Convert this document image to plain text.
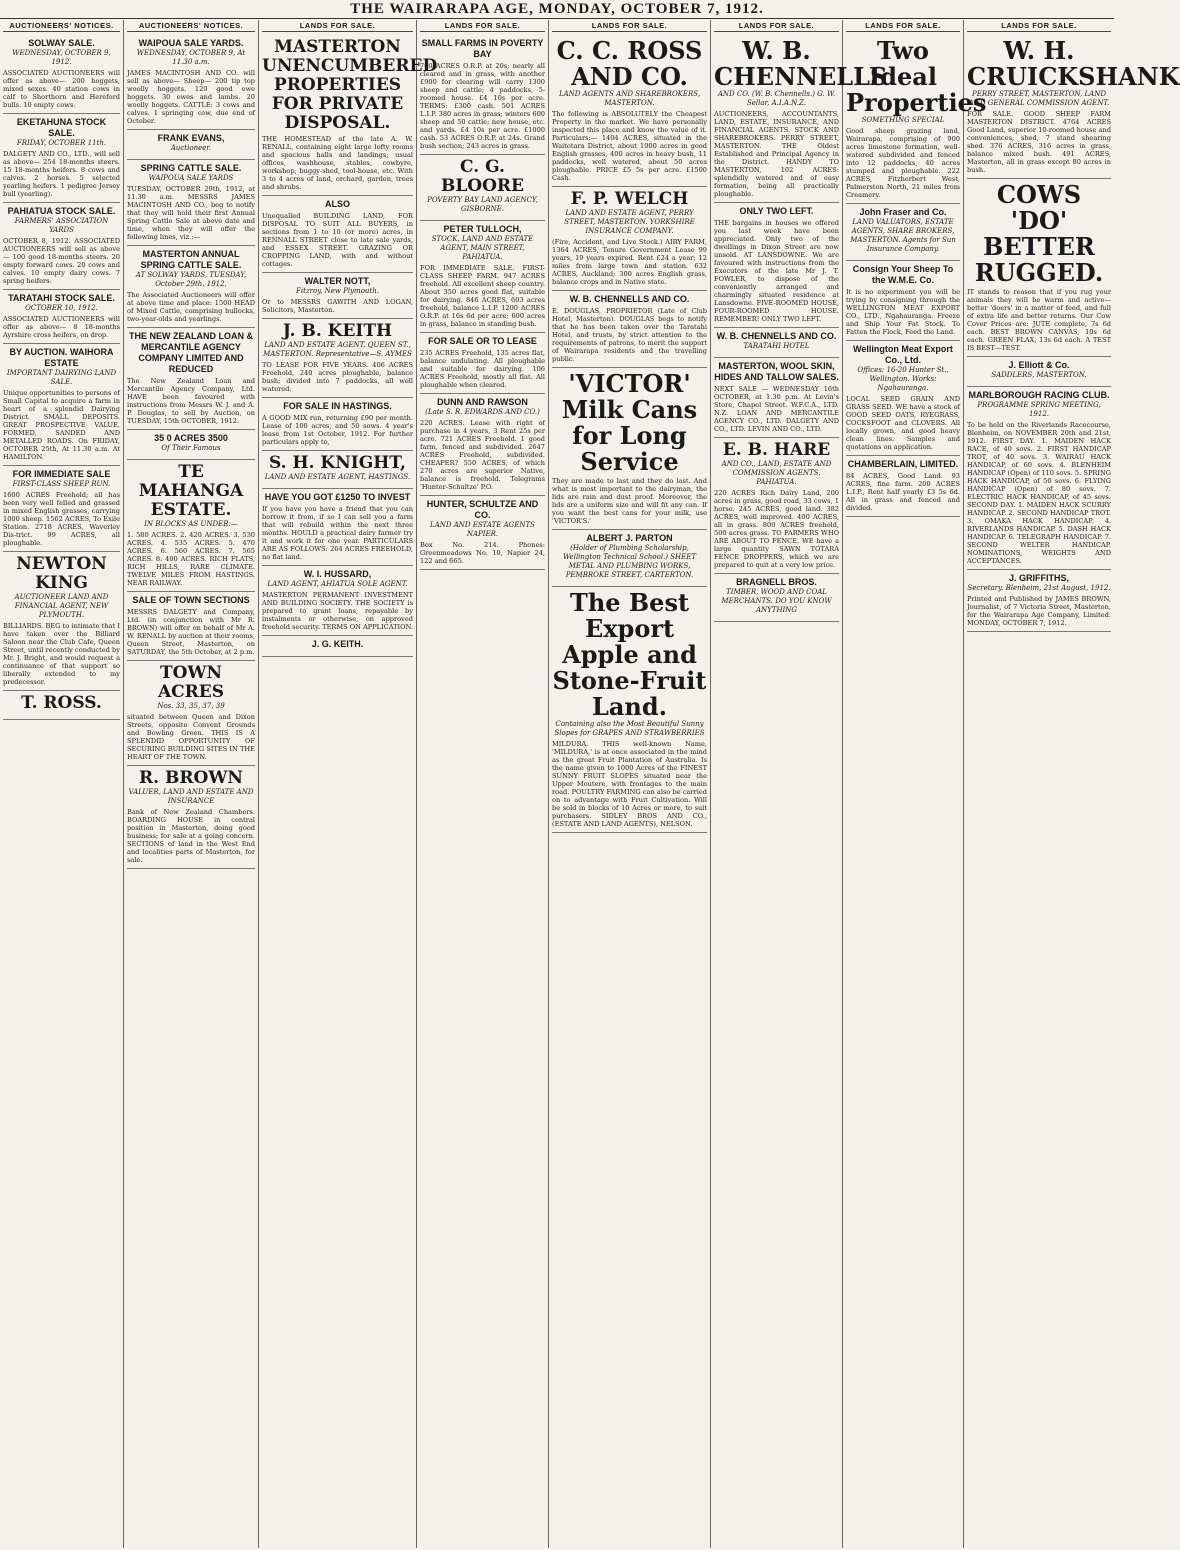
THE WAIRARAPA AGE, MONDAY, OCTOBER 7, 1912.
AUCTIONEERS' NOTICES.
SOLWAY SALE.
WEDNESDAY, OCTOBER 9, 1912.
ASSOCIATED AUCTIONEERS will offer as above— 200 hoggets, mixed sexes. 40 station cows in calf to Shorthorn and Hereford bulls. 10 empty cows.
EKETAHUNA STOCK SALE.
FRIDAY, OCTOBER 11th.
DALGETY AND CO., LTD., will sell as above— 254 18-months steers. 15 18-months heifers. 8 cows and calves. 2 horses. 5 selected yearling heifers. 1 pedigree Jersey bull (yearling).
PAHIATUA STOCK SALE.
FARMERS' ASSOCIATION YARDS
OCTOBER 8, 1912. ASSOCIATED AUCTIONEERS will sell as above— 100 good 18-months steers. 20 empty forward cows. 20 cows and calves. 10 empty dairy cows. 7 spring heifers.
TARATAHI STOCK SALE.
OCTOBER 10, 1912.
ASSOCIATED AUCTIONEERS will offer as above— 8 18-months Ayrshire cross heifers, on drop.
BY AUCTION. WAIHORA ESTATE
IMPORTANT DAIRYING LAND SALE.
Unique opportunities to persons of Small Capital to acquire a farm in heart of a splendid Dairying District. SMALL DEPOSITS. GREAT PROSPECTIVE VALUE. FORMED, SANDED AND METALLED ROADS. On FRIDAY, OCTOBER 25th, At 11.30 a.m. At HAMILTON.
FOR IMMEDIATE SALE
FIRST-CLASS SHEEP RUN.
1600 ACRES Freehold; all has been very well felled and grassed in mixed English grasses, carrying 1000 sheep. 1562 ACRES, To Exile Station. 2718 ACRES, Waverley Dis-trict. 99 ACRES, all ploughable.
NEWTON KING
AUCTIONEER LAND AND FINANCIAL AGENT, NEW PLYMOUTH.
BILLIARDS. BEG to intimate that I have taken over the Billiard Saloon near the Club Cafe, Queen Street, until recently conducted by Mr. J. Bright, and would request a continuance of that support so liberally extended to my predecessor.
T. ROSS.
AUCTIONEERS' NOTICES.
WAIPOUA SALE YARDS.
WEDNESDAY, OCTOBER 9, At 11.30 a.m.
JAMES MACINTOSH AND CO. will sell as above— Sheep— 200 tip top woolly hoggets. 120 good ewe hoggets. 30 ewes and lambs. 20 woolly hoggets. CATTLE: 3 cows and calves. 1 springing cow, due end of October.
FRANK EVANS,
Auctioneer.
SPRING CATTLE SALE.
WAIPOUA SALE YARDS
TUESDAY, OCTOBER 29th, 1912, at 11.30 a.m. MESSRS JAMES MACINTOSH AND CO., beg to notify that they will hold their first Annual Spring Cattle Sale at above date and time, when they will offer the following lines, viz.:—
MASTERTON ANNUAL SPRING CATTLE SALE.
AT SOLWAY YARDS, TUESDAY, October 29th, 1912,
The Associated Auctioneers will offer at above time and place: 1500 HEAD of Mixed Cattle, comprising bullocks, two-year-olds and yearlings.
THE NEW ZEALAND LOAN & MERCANTILE AGENCY COMPANY LIMITED AND REDUCED
The New Zealand Loan and Mercantile Agency Company, Ltd. HAVE been favoured with instructions from Messrs W. J. and A. P. Douglas, to sell by Auction, on TUESDAY, 15th OCTOBER, 1912.
35 0 ACRES 3500
Of Their Famous
TE MAHANGA ESTATE.
IN BLOCKS AS UNDER:—
1. 580 ACRES. 2. 420 ACRES. 3. 530 ACRES. 4. 535 ACRES. 5. 470 ACRES. 6. 560 ACRES. 7. 565 ACRES. 8. 400 ACRES. RICH FLATS, RICH HILLS, RARE CLIMATE. TWELVE MILES FROM HASTINGS. NEAR RAILWAY.
SALE OF TOWN SECTIONS
MESSRS DALGETY and Company, Ltd. (in conjunction with Mr R. BROWN) will offer on behalf of Mr A. W. RENALL by auction at their rooms, Queen Street, Masterton, on SATURDAY, the 5th October, at 2 p.m.
TOWN ACRES
Nos. 33, 35, 37, 39
situated between Queen and Dixon Streets, opposite Convent Grounds and Bowling Green. THIS IS A SPLENDID OPPORTUNITY OF SECURING BUILDING SITES IN THE HEART OF THE TOWN.
R. BROWN
VALUER, LAND AND ESTATE AND INSURANCE
Bank of New Zealand Chambers. BOARDING HOUSE in central position in Masterton, doing good business; for sale at a going concern. SECTIONS of land in the West End and localities parts of Masterton, for sale.
LANDS FOR SALE.
MASTERTON UNENCUMBERED PROPERTIES FOR PRIVATE DISPOSAL.
THE HOMESTEAD of the late A. W. RENALL, containing eight large lofty rooms and spacious halls and landings; usual offices, washhouse, stables, cowbyre, workshop, buggy-shed, tool-house, etc. With 3 to 4 acres of land, orchard, garden, trees and shrubs.
ALSO
Unequalled BUILDING LAND, FOR DISPOSAL TO SUIT ALL BUYERS, in sections from 1 to 10 (or more) acres, in RENNALL STREET close to late sale yards, and ESSEX STREET. GRAZING OR CROPPING LAND, with and without cottages.
WALTER NOTT,
Fitzroy, New Plymouth.
Or to MESSRS GAWITH AND LOGAN, Solicitors, Masterton.
J. B. KEITH
LAND AND ESTATE AGENT, QUEEN ST., MASTERTON. Representative—S. AYMES
TO LEASE FOR FIVE YEARS. 406 ACRES Freehold, 240 acres ploughable, balance bush; divided into 7 paddocks, all well watered.
FOR SALE IN HASTINGS.
A GOOD MIX run, returning £90 per month. Lease of 100 acres, and 50 sows. 4 year's lease from 1st October, 1912. For further particulars apply to,
S. H. KNIGHT,
LAND AND ESTATE AGENT, HASTINGS.
HAVE YOU GOT £1250 TO INVEST
If you have you have a friend that you can borrow it from, if so I can sell you a farm that will rebuild within the next three months. HOULD a practical dairy farmer try it and work it for one year. PARTICULARS ARE AS FOLLOWS: 264 ACRES FREEHOLD, no flat land.
W. I. HUSSARD,
LAND AGENT, AHIATUA SOLE AGENT.
MASTERTON PERMANENT INVESTMENT AND BUILDING SOCIETY. THE SOCIETY is prepared to grant loans, repayable by instalments or otherwise, on approved freehold security. TERMS ON APPLICATION.
J. G. KEITH.
LANDS FOR SALE.
SMALL FARMS IN POVERTY BAY
700 ACRES O.R.P. at 20s; nearly all cleared and in grass, with another £900 for clearing will carry 1300 sheep and cattle; 4 paddocks, 5-roomed house. £4 10s per acre. TERMS: £300 cash. 501 ACRES L.I.P. 380 acres in grass; winters 600 sheep and 50 cattle; new house, etc. and yards. £4 10s per acre. £1000 cash. 53 ACRES O.R.P. at 24s. Grand bush section; 243 acres in grass.
C. G. BLOORE
POVERTY BAY LAND AGENCY, GISBORNE.
PETER TULLOCH,
STOCK, LAND AND ESTATE AGENT, MAIN STREET, PAHIATUA.
FOR IMMEDIATE SALE. FIRST-CLASS SHEEP FARM. 947 ACRES freehold. All excellent sheep country. About 350 acres good flat, suitable for dairying. 846 ACRES, 603 acres freehold, balance L.I.P. 1200 ACRES O.R.P. at 16s 6d per acre; 600 acres in grass, balance in standing bush.
FOR SALE OR TO LEASE
235 ACRES Freehold, 135 acres flat, balance undulating. All ploughable and suitable for dairying. 106 ACRES Freehold, mostly all flat. All ploughable when cleared.
DUNN AND RAWSON
(Late S. R. EDWARDS AND CO.)
220 ACRES. Lease with right of purchase in 4 years, 3 Rent 25s per acre. 721 ACRES Freehold. 1 good farm, fenced and subdivided. 2647 ACRES Freehold, subdivided. CHEAPER? 550 ACRES, of which 270 acres are superior Native, balance is freehold. Telegrams 'Hunter-Schultze' P.O.
HUNTER, SCHULTZE AND CO.
LAND AND ESTATE AGENTS NAPIER.
Box No. 214. Phones: Greenmeadows No. 10, Napier 24, 122 and 665.
LANDS FOR SALE.
C. C. ROSS AND CO.
LAND AGENTS AND SHAREBROKERS, MASTERTON.
The following is ABSOLUTELY the Cheapest Property in the market. We have personally inspected this place and know the value of it. Particulars:— 1404 ACRES, situated in the Waitotara District, about 1000 acres in good English grasses, 400 acres in heavy bush, 11 paddocks, well watered, about 50 acres ploughable. PRICE £5 5s per acre. £1500 Cash.
F. P. WELCH
LAND AND ESTATE AGENT, PERRY STREET, MASTERTON. YORKSHIRE INSURANCE COMPANY.
(Fire, Accident, and Live Stock.) AIRY FARM, 1364 ACRES, Tenure Government Lease 99 years, 19 years expired. Rent £24 a year; 12 miles from large town and station. 632 ACRES, Auckland; 300 acres English grass, balance crops and in Native state.
W. B. CHENNELLS AND CO.
E. DOUGLAS, PROPRIETOR (Late of Club Hotel, Masterton). DOUGLAS begs to notify that he has been taken over the Taratahi Hotel, and trusts, by strict attention to the requirements of patrons, to merit the support of Wairarapa residents and the travelling public.
'VICTOR' Milk Cans for Long Service
They are made to last and they do last. And what is most important to the dairyman, the lids are rain and dust proof. Moreover, the lids are a uniform size and will fit any can. If you want the best cans for your milk, use 'VICTOR'S.'
ALBERT J. PARTON
(Holder of Plumbing Scholarship, Wellington Technical School.) SHEET METAL AND PLUMBING WORKS, PEMBROKE STREET, CARTERTON.
The Best Export Apple and Stone-Fruit Land.
Containing also the Most Beautiful Sunny Slopes for GRAPES AND STRAWBERRIES
MILDURA. THIS well-known Name, 'MILDURA,' is at once associated in the mind as the great Fruit Plantation of Australia. Is the name given to 1000 Acres of the FINEST SUNNY FRUIT SLOPES situated near the Upper Moutere, with frontages to the main road. POULTRY FARMING can also be carried on to advantage with Fruit Cultivation. Will be sold in blocks of 10 Acres or more, to suit purchasers. SIDLEY BROS AND CO., (ESTATE AND LAND AGENTS), NELSON.
LANDS FOR SALE.
W. B. CHENNELLS
AND CO. (W. B. Chennells.) G. W. Sellar, A.I.A.N.Z.
AUCTIONEERS, ACCOUNTANTS, LAND, ESTATE, INSURANCE, AND FINANCIAL AGENTS. STOCK AND SHAREBROKERS. PERRY STREET, MASTERTON. THE Oldest Established and Principal Agency in the District. HANDY TO MASTERTON, 102 ACRES: splendidly watered and of easy formation, being all practically ploughable.
ONLY TWO LEFT.
THE bargains in houses we offered you last week have been appreciated. Only two of the dwellings in Dixon Street are now unsold. AT LANSDOWNE. We are favoured with instructions from the Executors of the late Mr J. T. FOWLER, to dispose of the conveniently arranged and charmingly situated residence at Lansdowne. FIVE-ROOMED HOUSE, FOUR-ROOMED HOUSE. REMEMBER! ONLY TWO LEFT.
W. B. CHENNELLS AND CO.
TARATAHI HOTEL
MASTERTON, WOOL SKIN, HIDES AND TALLOW SALES.
NEXT SALE — WEDNESDAY 16th OCTOBER, at 1.30 p.m. At Levin's Store, Chapel Street. W.F.C.A., LTD. N.Z. LOAN AND MERCANTILE AGENCY CO., LTD. DALGETY AND CO., LTD. LEVIN AND CO., LTD.
E. B. HARE
AND CO., LAND, ESTATE AND COMMISSION AGENTS, PAHIATUA.
220 ACRES Rich Dairy Land, 200 acres in grass, good road, 33 cows, 1 horse. 245 ACRES, good land. 382 ACRES, well improved. 400 ACRES, all in grass. 800 ACRES freehold, 500 acres grass. TO FARMERS WHO ARE ABOUT TO FENCE. WE have a large quantity SAWN TOTARA FENCE DROPPERS, which we are prepared to quit at a very low price.
BRAGNELL BROS.
TIMBER, WOOD AND COAL MERCHANTS. DO YOU KNOW ANYTHING
LANDS FOR SALE.
Two Ideal Properties
SOMETHING SPECIAL
Good sheep grazing land, Wairarapa, comprising of 900 acres limestone formation, well-watered subdivided and fenced into 12 paddocks, 40 acres stumped and ploughable. 222 ACRES, Fitzherbert West, Palmerston North, 21 miles from Creamery.
John Fraser and Co.
LAND VALUATORS, ESTATE AGENTS, SHARE BROKERS, MASTERTON. Agents for Sun Insurance Company.
Consign Your Sheep To the W.M.E. Co.
It is no experiment you will be trying by consigning through the WELLINGTON MEAT EXPORT CO., LTD., Ngahauranga. Freeze and Ship Your Fat Stock. To Fatten the Flock, Feed the Land.
Wellington Meat Export Co., Ltd.
Offices: 16-20 Hunter St., Wellington. Works: Ngahauranga.
LOCAL SEED GRAIN AND GRASS SEED. WE have a stock of GOOD SEED OATS, RYEGRASS, COCKSFOOT and CLOVERS. All locally grown, and good heavy clean lines. Samples and quotations on application.
CHAMBERLAIN, LIMITED.
84 ACRES, Good Land. 93 ACRES, fine farm. 200 ACRES L.I.P., Rent half yearly £3 5s 6d. All in grass and fenced and divided.
LANDS FOR SALE.
W. H. CRUICKSHANK
PERRY STREET, MASTERTON, LAND AND GENERAL COMMISSION AGENT.
FOR SALE. GOOD SHEEP FARM MASTERTON DISTRICT. 4764 ACRES Good Land, superior 10-roomed house and conveniences, shed, 7 stand shearing shed. 376 ACRES, 316 acres in grass, balance mixed bush. 491 ACRES, Masterton, all in grass except 80 acres in bush.
COWS 'DO' BETTER RUGGED.
IT stands to reason that if you rug your animals they will be warm and active—better 'doers' in a matter of feed, and full of extra life and better returns. Our Cow Cover Prices are: JUTE complete, 7s 6d each. BEST BROWN CANVAS, 10s 6d each. GREEN FLAX, 13s 6d each. A TEST IS BEST—TEST.
J. Elliott & Co.
SADDLERS, MASTERTON.
MARLBOROUGH RACING CLUB.
PROGRAMME SPRING MEETING, 1912.
To be held on the Riverlands Racecourse, Blenheim, on NOVEMBER 20th and 21st, 1912. FIRST DAY. 1. MAIDEN HACK RACE, of 40 sovs. 2. FIRST HANDICAP TROT, of 40 sovs. 3. WAIRAU HACK HANDICAP, of 60 sovs. 4. BLENHEIM HANDICAP (Open) of 110 sovs. 5. SPRING HACK HANDICAP, of 50 sovs. 6. FLYING HANDICAP (Open) of 80 sovs. 7. ELECTRIC HACK HANDICAP, of 45 sovs. SECOND DAY. 1. MAIDEN HACK SCURRY HANDICAP. 2. SECOND HANDICAP TROT. 3. OMAKA HACK HANDICAP. 4. RIVERLANDS HANDICAP. 5. DASH HACK HANDICAP. 6. TELEGRAPH HANDICAP. 7. SECOND WELTER HANDICAP. NOMINATIONS, WEIGHTS AND ACCEPTANCES.
J. GRIFFITHS,
Secretary. Blenheim, 21st August, 1912.
Printed and Published by JAMES BROWN, Journalist, of 7 Victoria Street, Masterton, for the Wairarapa Age Company, Limited. MONDAY, OCTOBER 7, 1912.
